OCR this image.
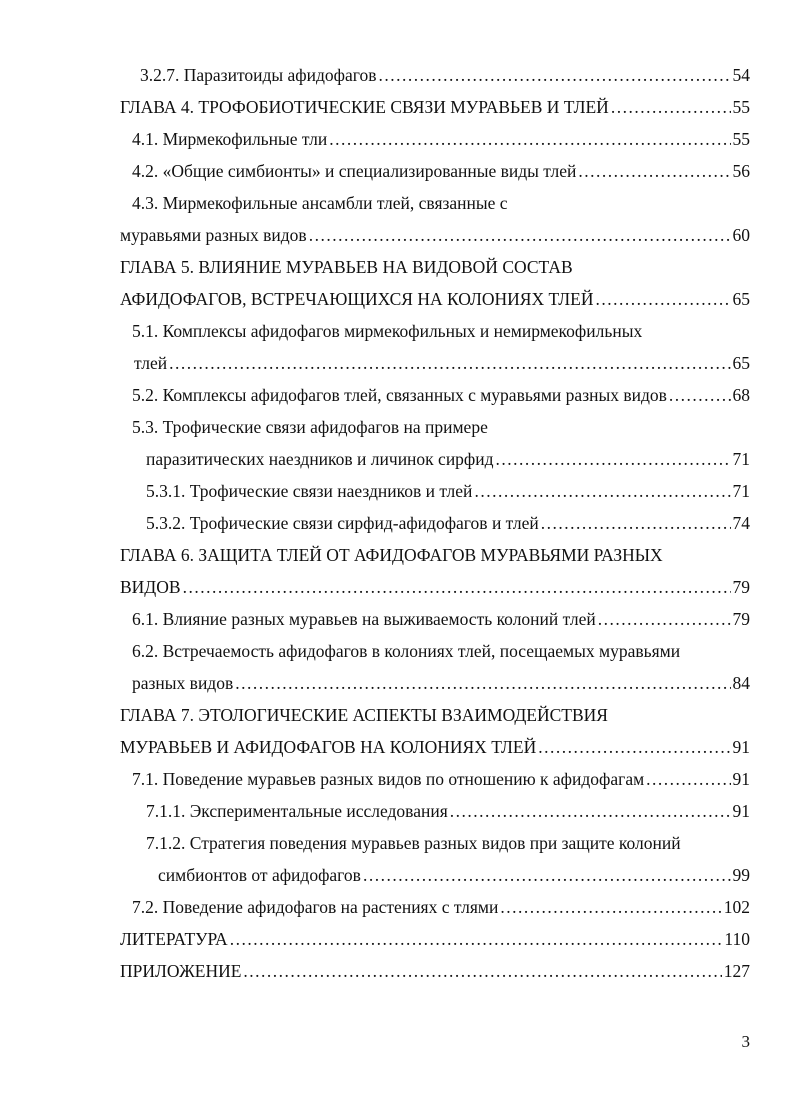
3.2.7. Паразитоиды афидофагов .....	54
ГЛАВА 4. ТРОФОБИОТИЧЕСКИЕ СВЯЗИ МУРАВЬЕВ И ТЛЕЙ .....	55
4.1. Мирмекофильные тли .....	55
4.2. «Общие симбионты» и специализированные виды тлей .....	56
4.3. Мирмекофильные ансамбли тлей, связанные с
муравьями разных видов .....	60
ГЛАВА 5. ВЛИЯНИЕ МУРАВЬЕВ НА ВИДОВОЙ СОСТАВ
АФИДОФАГОВ, ВСТРЕЧАЮЩИХСЯ НА КОЛОНИЯХ ТЛЕЙ .....	65
5.1. Комплексы афидофагов мирмекофильных и немирмекофильных
тлей .....	65
5.2. Комплексы афидофагов тлей, связанных с муравьями разных видов .....	68
5.3. Трофические связи афидофагов на примере
паразитических наездников и личинок сирфид .....	71
5.3.1. Трофические связи наездников и тлей .....	71
5.3.2. Трофические связи сирфид-афидофагов и тлей .....	74
ГЛАВА 6. ЗАЩИТА ТЛЕЙ ОТ АФИДОФАГОВ МУРАВЬЯМИ РАЗНЫХ
ВИДОВ .....	79
6.1. Влияние разных муравьев на выживаемость колоний тлей .....	79
6.2. Встречаемость афидофагов в колониях тлей, посещаемых муравьями
разных видов .....	84
ГЛАВА 7. ЭТОЛОГИЧЕСКИЕ АСПЕКТЫ ВЗАИМОДЕЙСТВИЯ
МУРАВЬЕВ И АФИДОФАГОВ НА КОЛОНИЯХ ТЛЕЙ .....	91
7.1. Поведение муравьев разных видов по отношению к афидофагам .....	91
7.1.1. Экспериментальные исследования .....	91
7.1.2. Стратегия поведения муравьев разных видов при защите колоний
симбионтов от афидофагов .....	99
7.2. Поведение афидофагов на растениях с тлями .....	102
ЛИТЕРАТУРА .....	110
ПРИЛОЖЕНИЕ .....	127
3
